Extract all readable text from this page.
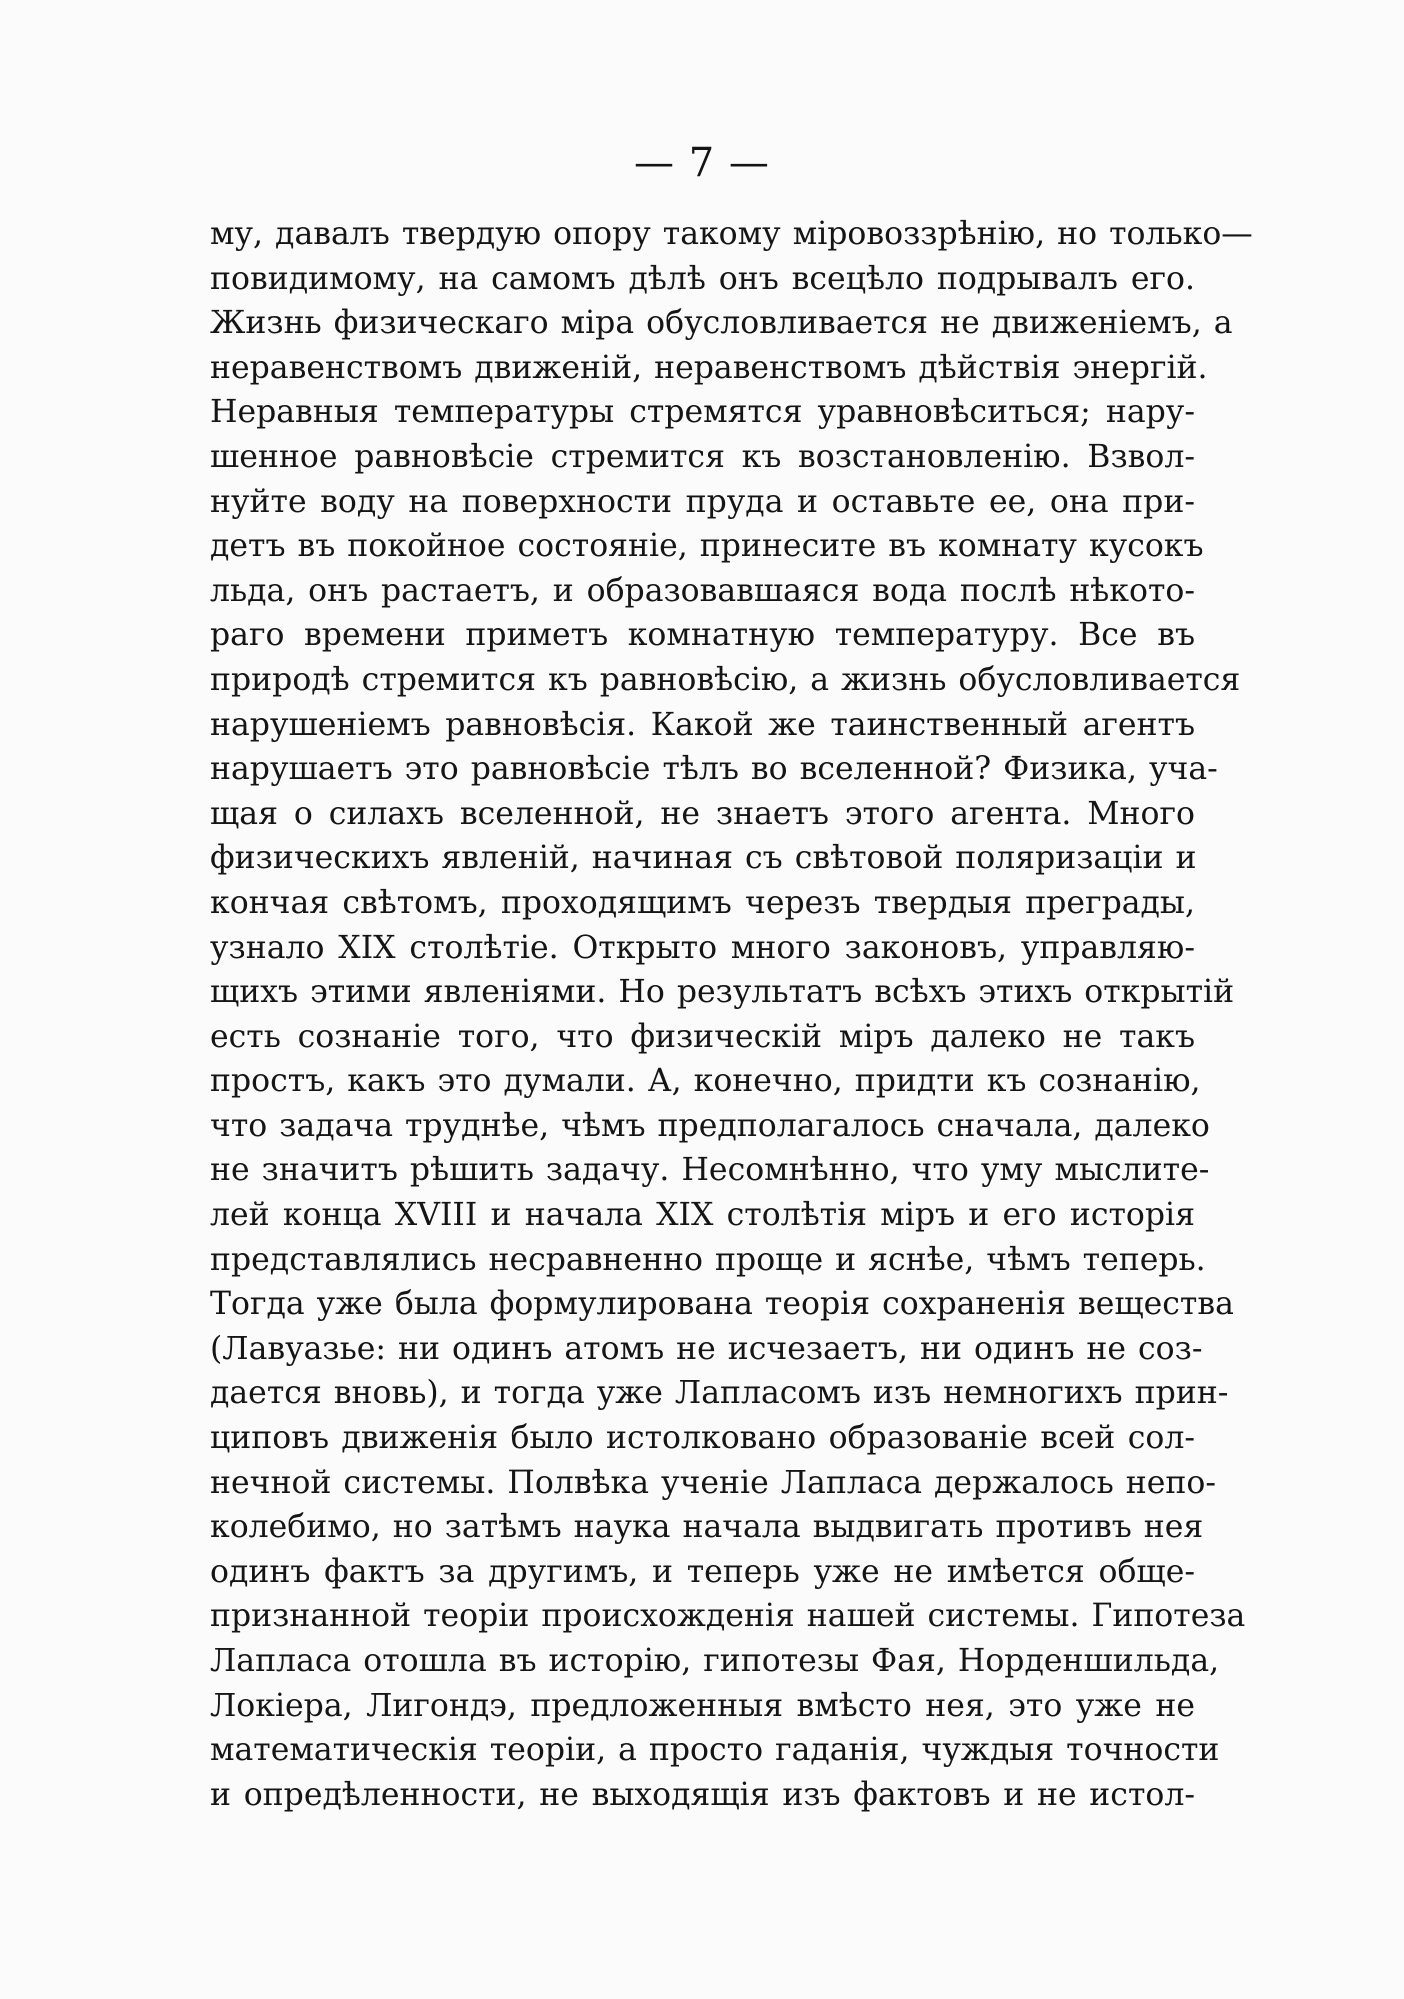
— 7 —
му, давалъ твердую опору такому міровоззрѣнію, но только—
повидимому, на самомъ дѣлѣ онъ всецѣло подрывалъ его.
Жизнь физическаго міра обусловливается не движеніемъ, а
неравенствомъ движеній, неравенствомъ дѣйствія энергій.
Неравныя температуры стремятся уравновѣситься; нару-
шенное равновѣсіе стремится къ возстановленію. Взвол-
нуйте воду на поверхности пруда и оставьте ее, она при-
детъ въ покойное состояніе, принесите въ комнату кусокъ
льда, онъ растаетъ, и образовавшаяся вода послѣ нѣкото-
раго времени приметъ комнатную температуру. Все въ
природѣ стремится къ равновѣсію, а жизнь обусловливается
нарушеніемъ равновѣсія. Какой же таинственный агентъ
нарушаетъ это равновѣсіе тѣлъ во вселенной? Физика, уча-
щая о силахъ вселенной, не знаетъ этого агента. Много
физическихъ явленій, начиная съ свѣтовой поляризаціи и
кончая свѣтомъ, проходящимъ черезъ твердыя преграды,
узнало XIX столѣтіе. Открыто много законовъ, управляю-
щихъ этими явленіями. Но результатъ всѣхъ этихъ открытій
есть сознаніе того, что физическій міръ далеко не такъ
простъ, какъ это думали. А, конечно, придти къ сознанію,
что задача труднѣе, чѣмъ предполагалось сначала, далеко
не значитъ рѣшить задачу. Несомнѣнно, что уму мыслите-
лей конца XVIII и начала XIX столѣтія міръ и его исторія
представлялись несравненно проще и яснѣе, чѣмъ теперь.
Тогда уже была формулирована теорія сохраненія вещества
(Лавуазье: ни одинъ атомъ не исчезаетъ, ни одинъ не соз-
дается вновь), и тогда уже Лапласомъ изъ немногихъ прин-
циповъ движенія было истолковано образованіе всей сол-
нечной системы. Полвѣка ученіе Лапласа держалось непо-
колебимо, но затѣмъ наука начала выдвигать противъ нея
одинъ фактъ за другимъ, и теперь уже не имѣется обще-
признанной теоріи происхожденія нашей системы. Гипотеза
Лапласа отошла въ исторію, гипотезы Фая, Норденшильда,
Локіера, Лигондэ, предложенныя вмѣсто нея, это уже не
математическія теоріи, а просто гаданія, чуждыя точности
и опредѣленности, не выходящія изъ фактовъ и не истол-
